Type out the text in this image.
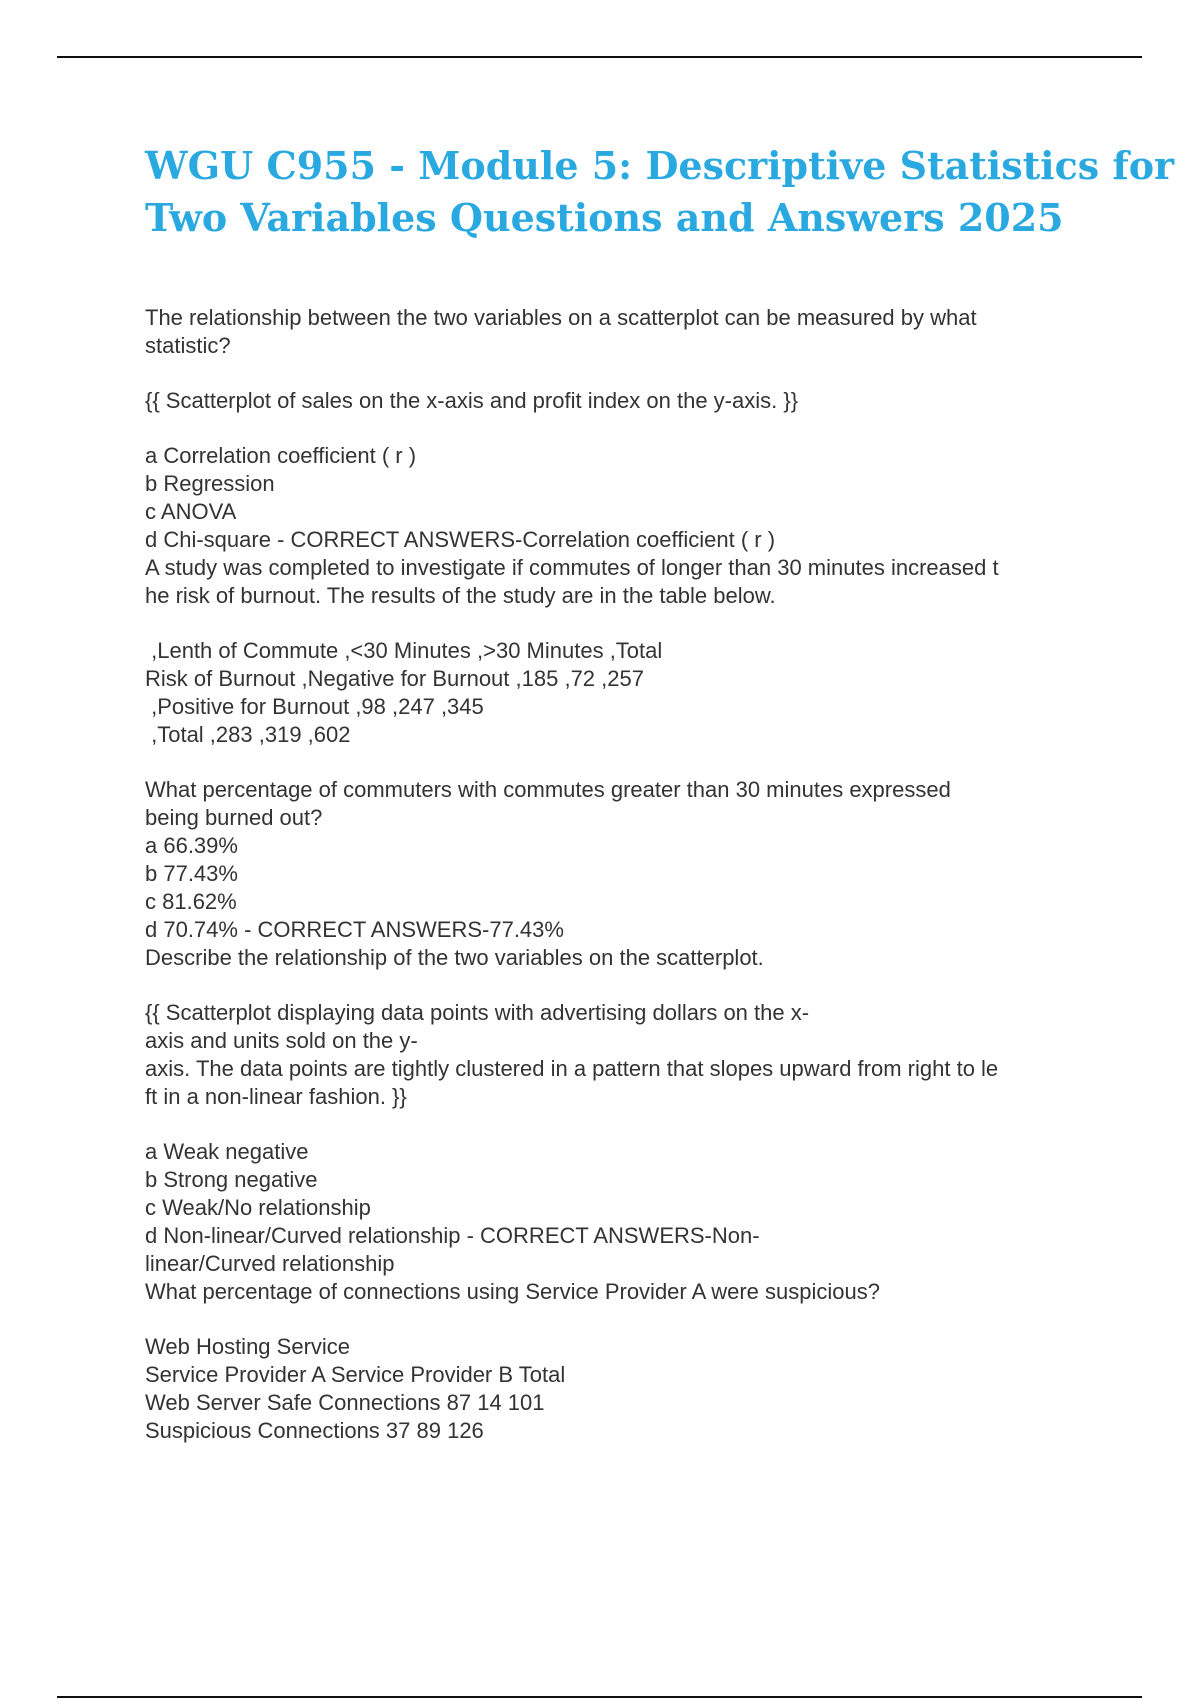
WGU C955 - Module 5: Descriptive Statistics for
Two Variables Questions and Answers 2025
The relationship between the two variables on a scatterplot can be measured by what
statistic?
{{ Scatterplot of sales on the x-axis and profit index on the y-axis. }}
a Correlation coefficient ( r )
b Regression
c ANOVA
d Chi-square - CORRECT ANSWERS-Correlation coefficient ( r )
A study was completed to investigate if commutes of longer than 30 minutes increased t
he risk of burnout. The results of the study are in the table below.
,Lenth of Commute ,<30 Minutes ,>30 Minutes ,Total
Risk of Burnout ,Negative for Burnout ,185 ,72 ,257
,Positive for Burnout ,98 ,247 ,345
,Total ,283 ,319 ,602
What percentage of commuters with commutes greater than 30 minutes expressed
being burned out?
a 66.39%
b 77.43%
c 81.62%
d 70.74% - CORRECT ANSWERS-77.43%
Describe the relationship of the two variables on the scatterplot.
{{ Scatterplot displaying data points with advertising dollars on the x-
axis and units sold on the y-
axis. The data points are tightly clustered in a pattern that slopes upward from right to le
ft in a non-linear fashion. }}
a Weak negative
b Strong negative
c Weak/No relationship
d Non-linear/Curved relationship - CORRECT ANSWERS-Non-
linear/Curved relationship
What percentage of connections using Service Provider A were suspicious?
Web Hosting Service
Service Provider A Service Provider B Total
Web Server Safe Connections 87 14 101
Suspicious Connections 37 89 126
